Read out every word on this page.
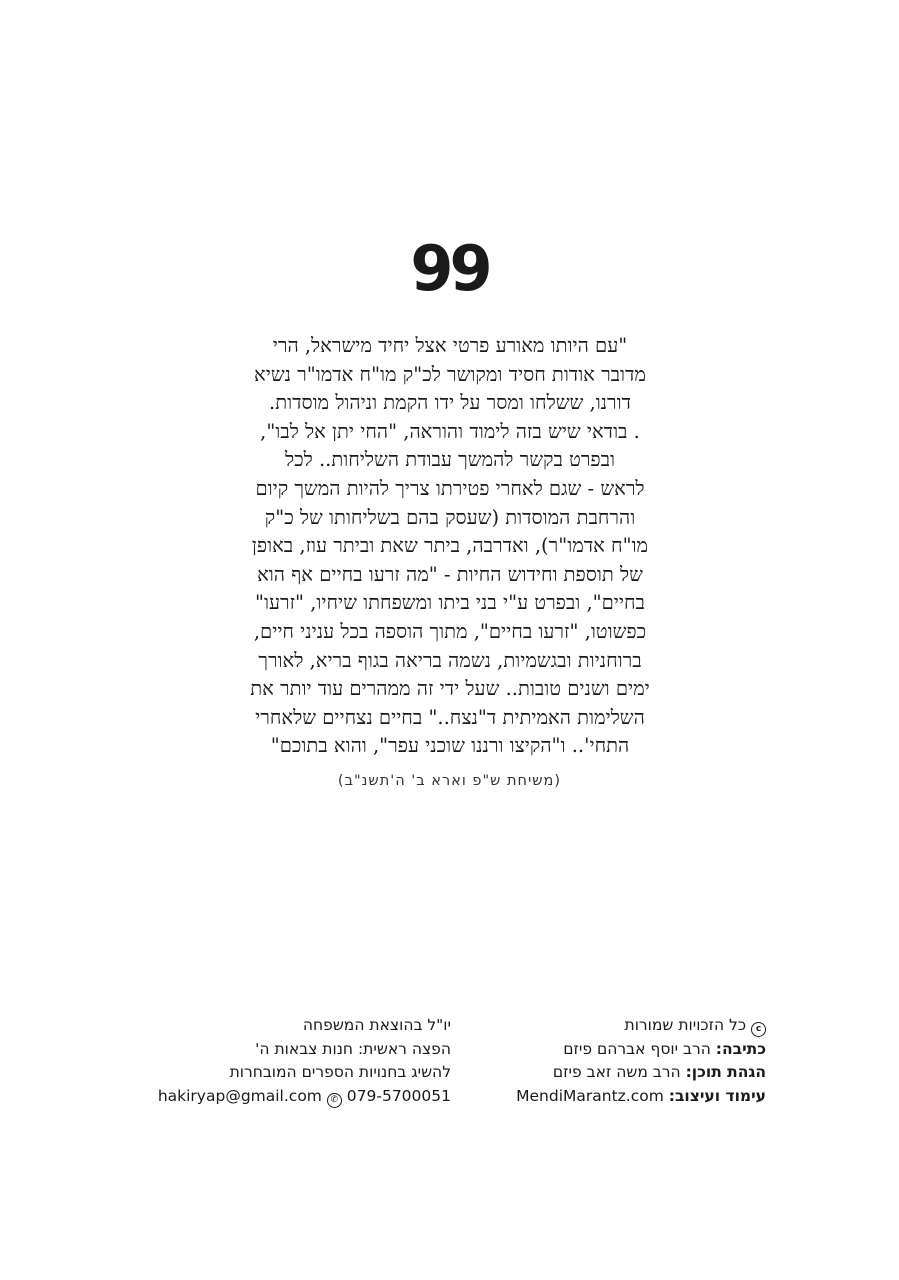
99
"עם היותו מאורע פרטי אצל יחיד מישראל, הרי
מדובר אודות חסיד ומקושר לכ"ק מו"ח אדמו"ר נשיא
דורנו, ששלחו ומסר על ידו הקמת וניהול מוסדות.
. בודאי שיש בזה לימוד והוראה, "החי יתן אל לבו",
ובפרט בקשר להמשך עבודת השליחות.. לכל
לראש - שגם לאחרי פטירתו צריך להיות המשך קיום
והרחבת המוסדות (שעסק בהם בשליחותו של כ"ק
מו"ח אדמו"ר), ואדרבה, ביתר שאת וביתר עוז, באופן
של תוספת וחידוש החיות - "מה זרעו בחיים אף הוא
בחיים", ובפרט ע"י בני ביתו ומשפחתו שיחיו, "זרעו"
כפשוטו, "זרעו בחיים", מתוך הוספה בכל עניני חיים,
ברוחניות ובגשמיות, נשמה בריאה בגוף בריא, לאורך
ימים ושנים טובות.. שעל ידי זה ממהרים עוד יותר את
השלימות האמיתית ד"נצח.." בחיים נצחיים שלאחרי
התחי'.. ו"הקיצו ורננו שוכני עפר", והוא בתוכם"
(משיחת ש"פ וארא ב' ה'תשנ"ב)
c כל הזכויות שמורות
כתיבה: הרב יוסף אברהם פיזם
הגהת תוכן: הרב משה זאב פיזם
עימוד ועיצוב: MendiMarantz.com
יו"ל בהוצאת המשפחה
הפצה ראשית: חנות צבאות ה'
להשיג בחנויות הספרים המובחרות
hakiryap@gmail.com ✆ 079-5700051
